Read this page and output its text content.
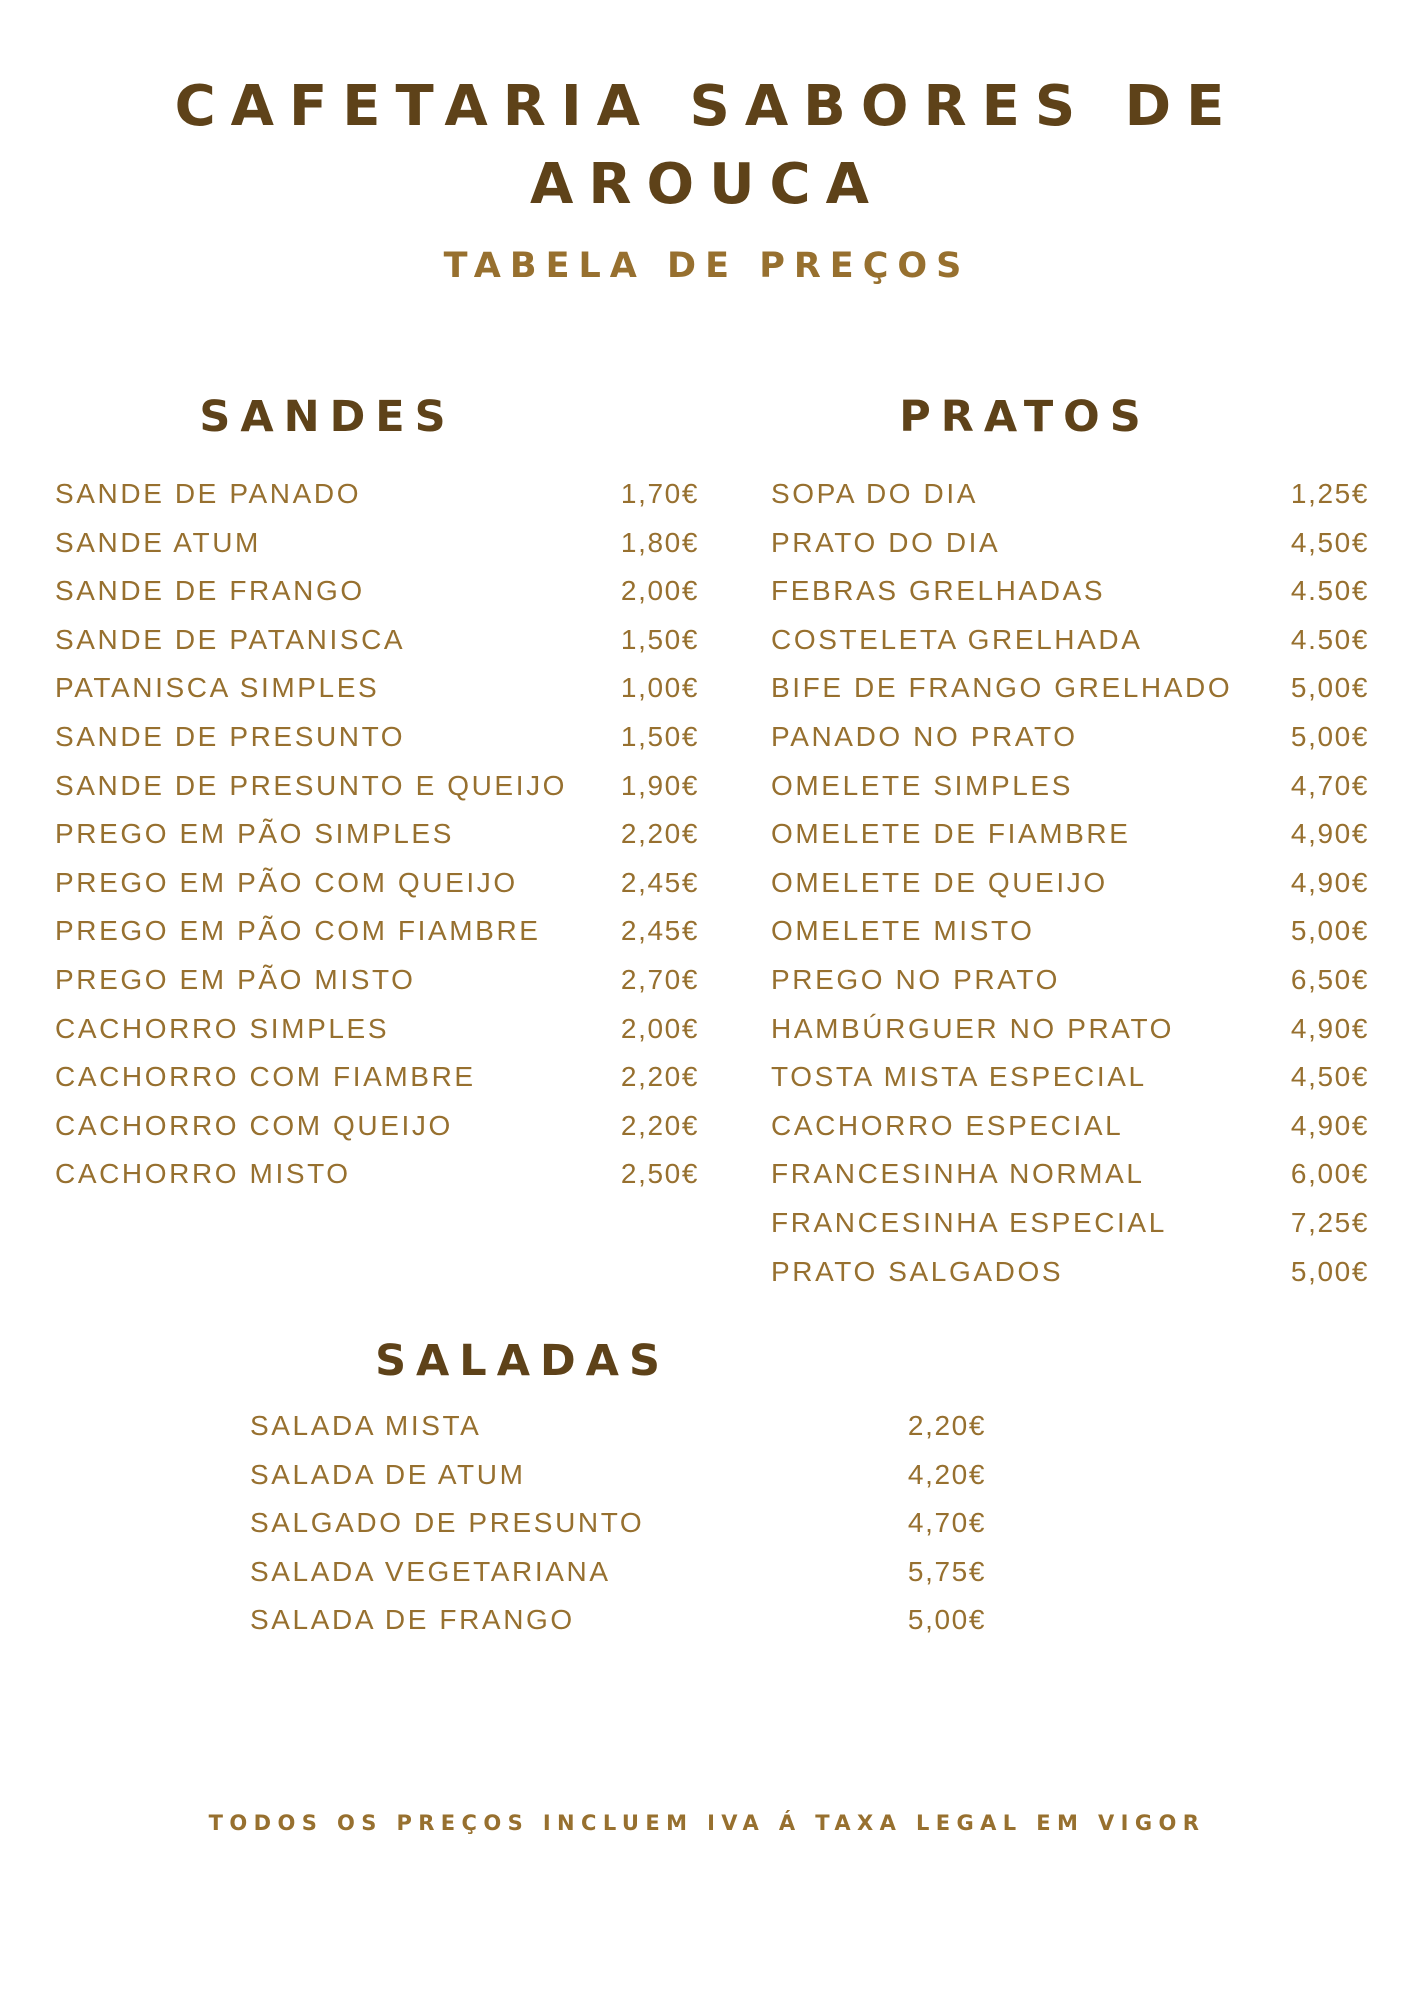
CAFETARIA SABORES DE
AROUCA
TABELA DE PREÇOS
SANDES
SANDE DE PANADO	1,70€
SANDE ATUM	1,80€
SANDE DE FRANGO	2,00€
SANDE DE PATANISCA	1,50€
PATANISCA SIMPLES	1,00€
SANDE DE PRESUNTO	1,50€
SANDE DE PRESUNTO E QUEIJO 1,90€
PREGO EM PÃO SIMPLES	2,20€
PREGO EM PÃO COM QUEIJO	2,45€
PREGO EM PÃO COM FIAMBRE	2,45€
PREGO EM PÃO MISTO	2,70€
CACHORRO SIMPLES	2,00€
CACHORRO COM FIAMBRE	2,20€
CACHORRO COM QUEIJO	2,20€
CACHORRO MISTO	2,50€
PRATOS
SOPA DO DIA	1,25€
PRATO DO DIA	4,50€
FEBRAS GRELHADAS	4.50€
COSTELETA GRELHADA	4.50€
BIFE DE FRANGO GRELHADO 5,00€
PANADO NO PRATO	5,00€
OMELETE SIMPLES	4,70€
OMELETE DE FIAMBRE	4,90€
OMELETE DE QUEIJO	4,90€
OMELETE MISTO	5,00€
PREGO NO PRATO	6,50€
HAMBÚRGUER NO PRATO	4,90€
TOSTA MISTA ESPECIAL	4,50€
CACHORRO ESPECIAL	4,90€
FRANCESINHA NORMAL	6,00€
FRANCESINHA ESPECIAL	7,25€
PRATO SALGADOS	5,00€
SALADAS
SALADA MISTA	2,20€
SALADA DE ATUM	4,20€
SALGADO DE PRESUNTO	4,70€
SALADA VEGETARIANA	5,75€
SALADA DE FRANGO	5,00€

TODOS OS PREÇOS INCLUEM IVA Á TAXA LEGAL EM VIGOR
